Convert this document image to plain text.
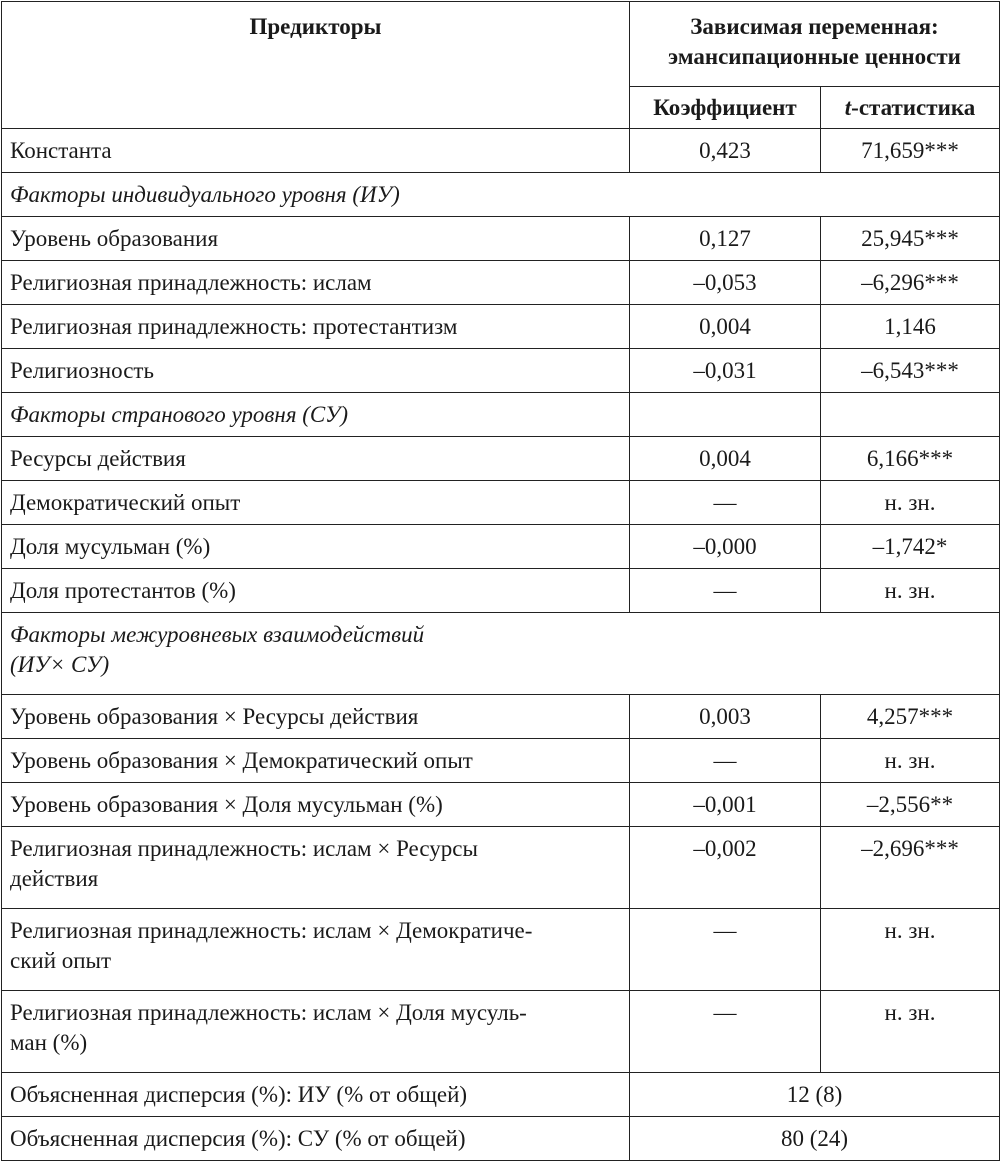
Предикторы	Зависимая переменная:
эмансипационные ценности	
	Коэффициент	t-статистика
Константа	0,423	71,659***
Факторы индивидуального уровня (ИУ)		
Уровень образования	0,127	25,945***
Религиозная принадлежность: ислам	–0,053	–6,296***
Религиозная принадлежность: протестантизм	0,004	1,146
Религиозность	–0,031	–6,543***
Факторы странового уровня (СУ)		
Ресурсы действия	0,004	6,166***
Демократический опыт	—	н. зн.
Доля мусульман (%)	–0,000	–1,742*
Доля протестантов (%)	—	н. зн.
Факторы межуровневых взаимодействий
(ИУ× СУ)		
Уровень образования × Ресурсы действия	0,003	4,257***
Уровень образования × Демократический опыт	—	н. зн.
Уровень образования × Доля мусульман (%)	–0,001	–2,556**
Религиозная принадлежность: ислам × Ресурсы
действия	–0,002	–2,696***
Религиозная принадлежность: ислам × Демократиче-
ский опыт	—	н. зн.
Религиозная принадлежность: ислам × Доля мусуль-
ман (%)	—	н. зн.
Объясненная дисперсия (%): ИУ (% от общей)	12 (8)	
Объясненная дисперсия (%): СУ (% от общей)	80 (24)	
